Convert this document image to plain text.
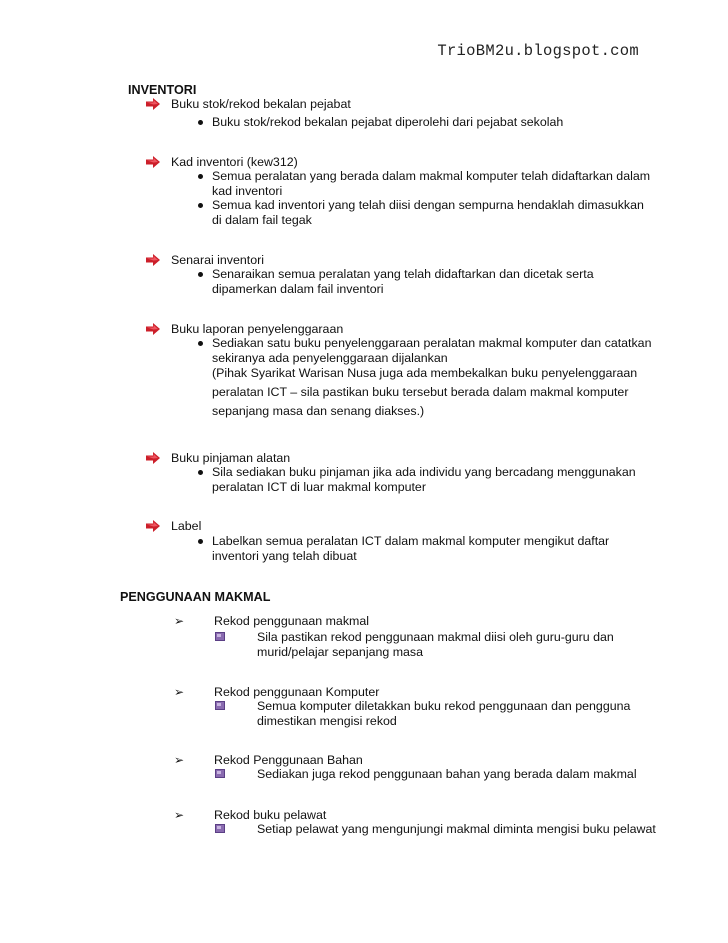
TrioBM2u.blogspot.com
INVENTORI
Buku stok/rekod bekalan pejabat
Buku stok/rekod bekalan pejabat diperolehi dari pejabat sekolah
Kad inventori (kew312)
Semua peralatan yang berada dalam makmal komputer telah didaftarkan dalam kad inventori
Semua kad inventori yang telah diisi dengan sempurna hendaklah dimasukkan di dalam fail tegak
Senarai inventori
Senaraikan semua peralatan yang telah didaftarkan dan dicetak serta dipamerkan dalam fail inventori
Buku laporan penyelenggaraan
Sediakan satu buku penyelenggaraan peralatan makmal komputer dan catatkan sekiranya ada penyelenggaraan dijalankan
(Pihak Syarikat Warisan Nusa juga ada membekalkan buku penyelenggaraan peralatan ICT – sila pastikan buku tersebut berada dalam makmal komputer sepanjang masa dan senang diakses.)
Buku pinjaman alatan
Sila sediakan buku pinjaman jika ada individu yang bercadang menggunakan peralatan ICT di luar makmal komputer
Label
Labelkan semua peralatan ICT dalam makmal komputer mengikut daftar inventori yang telah dibuat
PENGGUNAAN MAKMAL
➢ Rekod penggunaan makmal
Sila pastikan rekod penggunaan makmal diisi oleh guru-guru dan murid/pelajar sepanjang masa
➢ Rekod penggunaan Komputer
Semua komputer diletakkan buku rekod penggunaan dan pengguna dimestikan mengisi rekod
➢ Rekod Penggunaan Bahan
Sediakan juga rekod penggunaan bahan yang berada dalam makmal
➢ Rekod buku pelawat
Setiap pelawat yang mengunjungi makmal diminta mengisi buku pelawat
